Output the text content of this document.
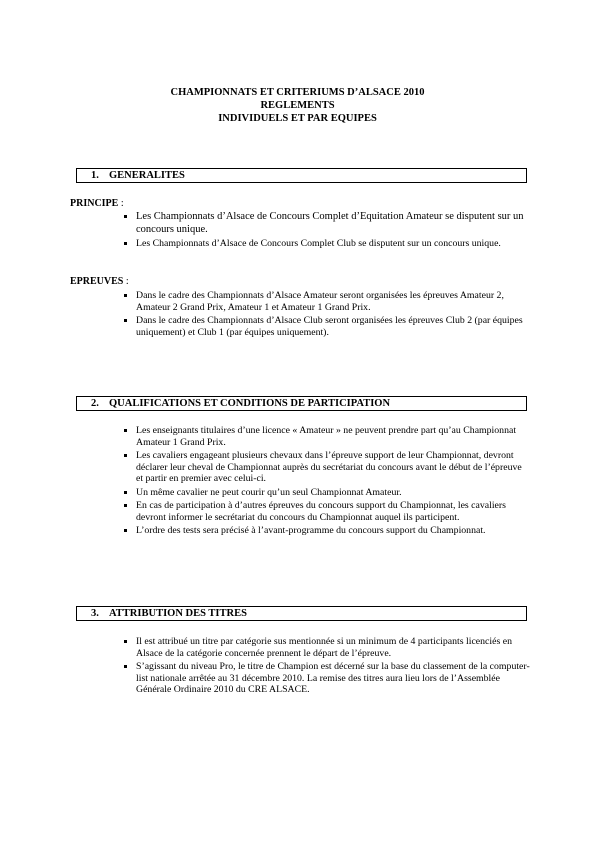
CHAMPIONNATS ET CRITERIUMS D’ALSACE 2010
REGLEMENTS
INDIVIDUELS ET PAR EQUIPES
1. GENERALITES
PRINCIPE :
Les Championnats d’Alsace de Concours Complet d’Equitation Amateur se disputent sur un concours unique.
Les Championnats d’Alsace de Concours Complet Club se disputent sur un concours unique.
EPREUVES :
Dans le cadre des Championnats d’Alsace Amateur seront organisées les épreuves Amateur 2, Amateur 2 Grand Prix, Amateur 1 et Amateur 1 Grand Prix.
Dans le cadre des Championnats d’Alsace Club seront organisées les épreuves Club 2 (par équipes uniquement) et Club 1 (par équipes uniquement).
2. QUALIFICATIONS ET CONDITIONS DE PARTICIPATION
Les enseignants titulaires d’une licence « Amateur » ne peuvent prendre part qu’au Championnat Amateur 1 Grand Prix.
Les cavaliers engageant plusieurs chevaux dans l’épreuve support de leur Championnat, devront déclarer leur cheval de Championnat auprès du secrétariat du concours avant le début de l’épreuve et partir en premier avec celui-ci.
Un même cavalier ne peut courir qu’un seul Championnat Amateur.
En cas de participation à d’autres épreuves du concours support du Championnat, les cavaliers devront informer le secrétariat du concours du Championnat auquel ils participent.
L’ordre des tests sera précisé à l’avant-programme du concours support du Championnat.
3. ATTRIBUTION DES TITRES
Il est attribué un titre par catégorie sus mentionnée si un minimum de 4 participants licenciés en Alsace de la catégorie concernée prennent le départ de l’épreuve.
S’agissant du niveau Pro, le titre de Champion est décerné sur la base du classement de la computer-list nationale arrêtée au 31 décembre 2010. La remise des titres aura lieu lors de l’Assemblée Générale Ordinaire 2010 du CRE ALSACE.
